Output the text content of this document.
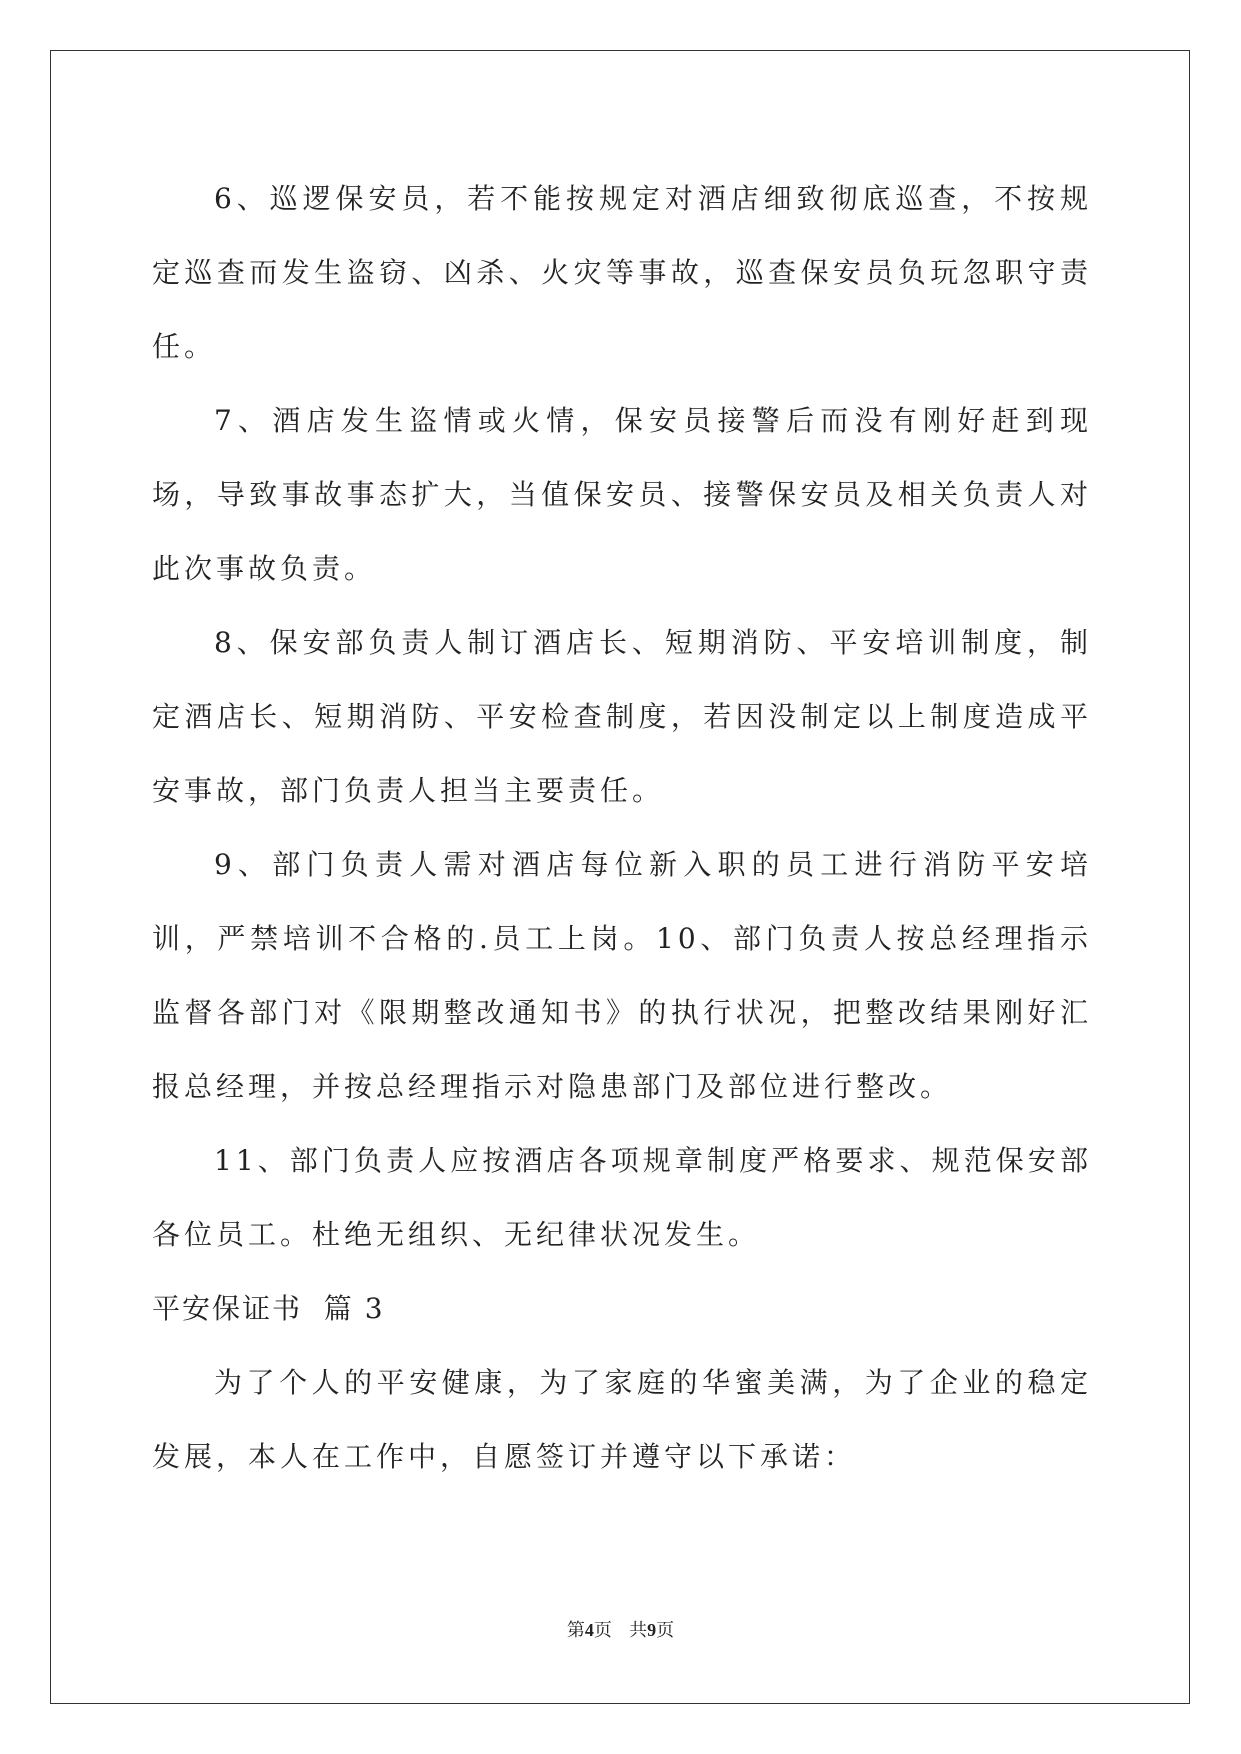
6、巡逻保安员，若不能按规定对酒店细致彻底巡查，不按规定巡查而发生盗窃、凶杀、火灾等事故，巡查保安员负玩忽职守责任。

7、酒店发生盗情或火情，保安员接警后而没有刚好赶到现场，导致事故事态扩大，当值保安员、接警保安员及相关负责人对此次事故负责。

8、保安部负责人制订酒店长、短期消防、平安培训制度，制定酒店长、短期消防、平安检查制度，若因没制定以上制度造成平安事故，部门负责人担当主要责任。

9、部门负责人需对酒店每位新入职的员工进行消防平安培训，严禁培训不合格的.员工上岗。10、部门负责人按总经理指示监督各部门对《限期整改通知书》的执行状况，把整改结果刚好汇报总经理，并按总经理指示对隐患部门及部位进行整改。

11、部门负责人应按酒店各项规章制度严格要求、规范保安部各位员工。杜绝无组织、无纪律状况发生。

平安保证书  篇 3

为了个人的平安健康，为了家庭的华蜜美满，为了企业的稳定发展，本人在工作中，自愿签订并遵守以下承诺：

第4页 共9页
